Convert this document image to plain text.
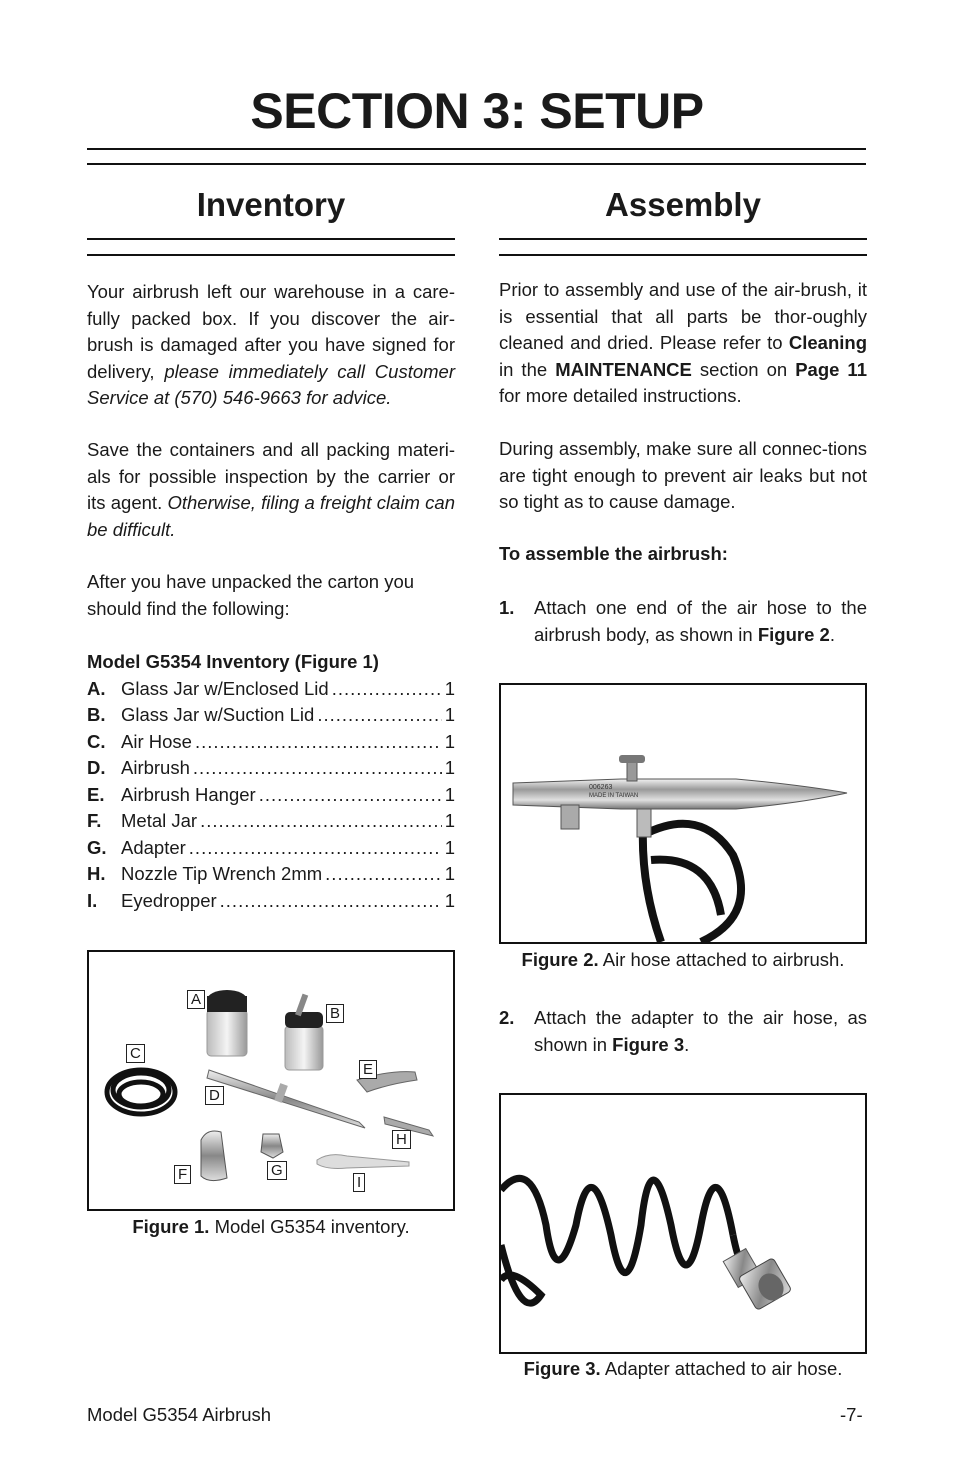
SECTION 3: SETUP
Inventory
Your airbrush left our warehouse in a care-fully packed box. If you discover the air-brush is damaged after you have signed for delivery, please immediately call Customer Service at (570) 546-9663 for advice.
Save the containers and all packing materi-als for possible inspection by the carrier or its agent. Otherwise, filing a freight claim can be difficult.
After you have unpacked the carton you should find the following:
Model G5354 Inventory (Figure 1)
A. Glass Jar w/Enclosed Lid .....	1
B. Glass Jar w/Suction Lid .....	1
C. Air Hose .....	1
D. Airbrush .....	1
E. Airbrush Hanger .....	1
F.	Metal Jar .....	1
G. Adapter .....	1
H. Nozzle Tip Wrench 2mm .....	1
I.	Eyedropper .....	1
A
B
C
D
E
F	G
H
I
Figure 1. Model G5354 inventory.
Assembly
Prior to assembly and use of the air-brush, it is essential that all parts be thor-oughly cleaned and dried. Please refer to Cleaning in the MAINTENANCE section on Page 11 for more detailed instructions.
During assembly, make sure all connec-tions are tight enough to prevent air leaks but not so tight as to cause damage.
To assemble the airbrush:
1.	Attach one end of the air hose to the airbrush body, as shown in Figure 2.
006263
MADE IN TAIWAN
Figure 2. Air hose attached to airbrush.
2.	Attach the adapter to the air hose, as shown in Figure 3.
Figure 3. Adapter attached to air hose.
Model G5354 Airbrush	-7-
